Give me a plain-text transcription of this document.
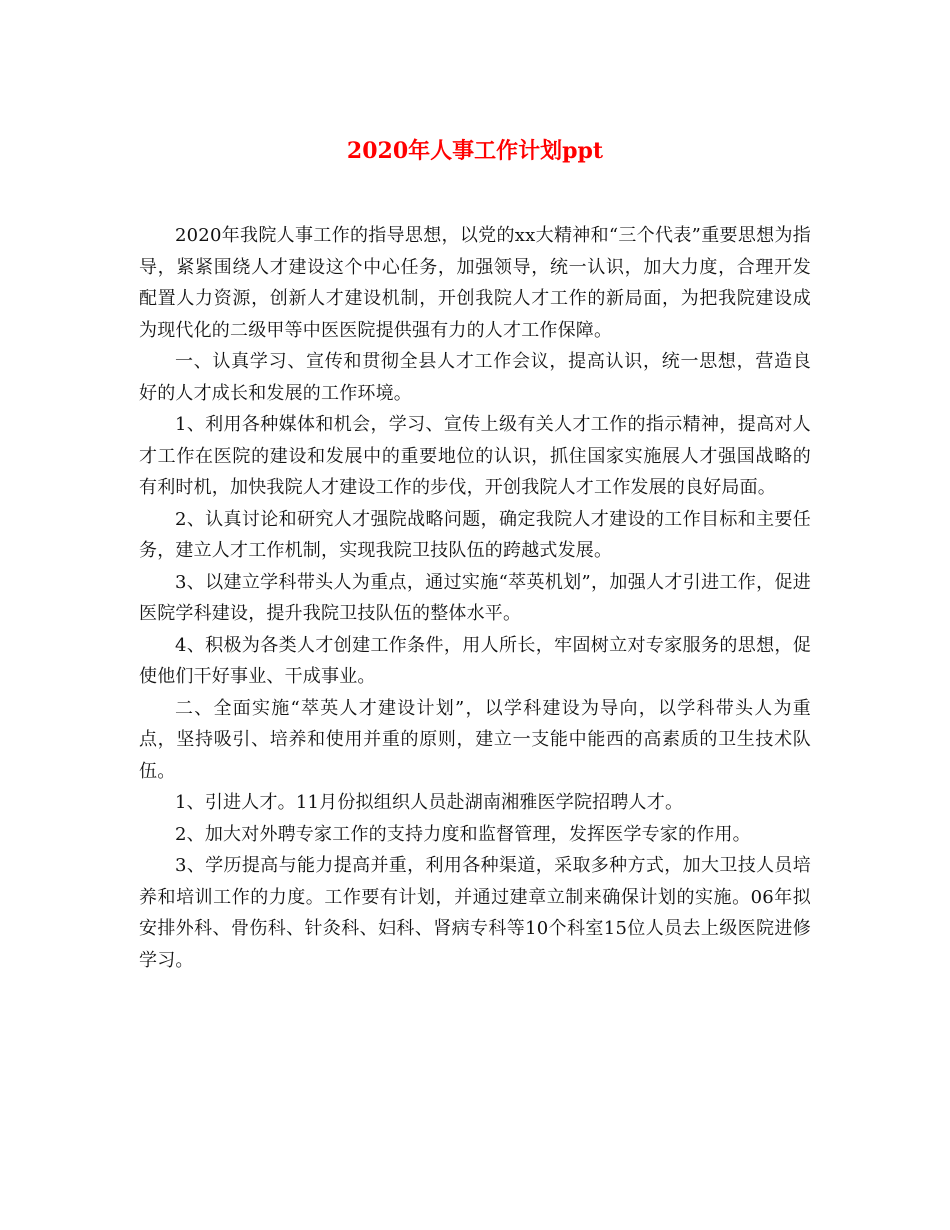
2020年人事工作计划ppt

2020年我院人事工作的指导思想，以党的xx大精神和“三个代表”重要思想为指导，紧紧围绕人才建设这个中心任务，加强领导，统一认识，加大力度，合理开发配置人力资源，创新人才建设机制，开创我院人才工作的新局面，为把我院建设成为现代化的二级甲等中医医院提供强有力的人才工作保障。

一、认真学习、宣传和贯彻全县人才工作会议，提高认识，统一思想，营造良好的人才成长和发展的工作环境。

1、利用各种媒体和机会，学习、宣传上级有关人才工作的指示精神，提高对人才工作在医院的建设和发展中的重要地位的认识，抓住国家实施展人才强国战略的有利时机，加快我院人才建设工作的步伐，开创我院人才工作发展的良好局面。

2、认真讨论和研究人才强院战略问题，确定我院人才建设的工作目标和主要任务，建立人才工作机制，实现我院卫技队伍的跨越式发展。

3、以建立学科带头人为重点，通过实施“萃英机划”，加强人才引进工作，促进医院学科建设，提升我院卫技队伍的整体水平。

4、积极为各类人才创建工作条件，用人所长，牢固树立对专家服务的思想，促使他们干好事业、干成事业。

二、全面实施“萃英人才建设计划”，以学科建设为导向，以学科带头人为重点，坚持吸引、培养和使用并重的原则，建立一支能中能西的高素质的卫生技术队伍。

1、引进人才。11月份拟组织人员赴湖南湘雅医学院招聘人才。

2、加大对外聘专家工作的支持力度和监督管理，发挥医学专家的作用。

3、学历提高与能力提高并重，利用各种渠道，采取多种方式，加大卫技人员培养和培训工作的力度。工作要有计划，并通过建章立制来确保计划的实施。06年拟安排外科、骨伤科、针灸科、妇科、肾病专科等10个科室15位人员去上级医院进修学习。
